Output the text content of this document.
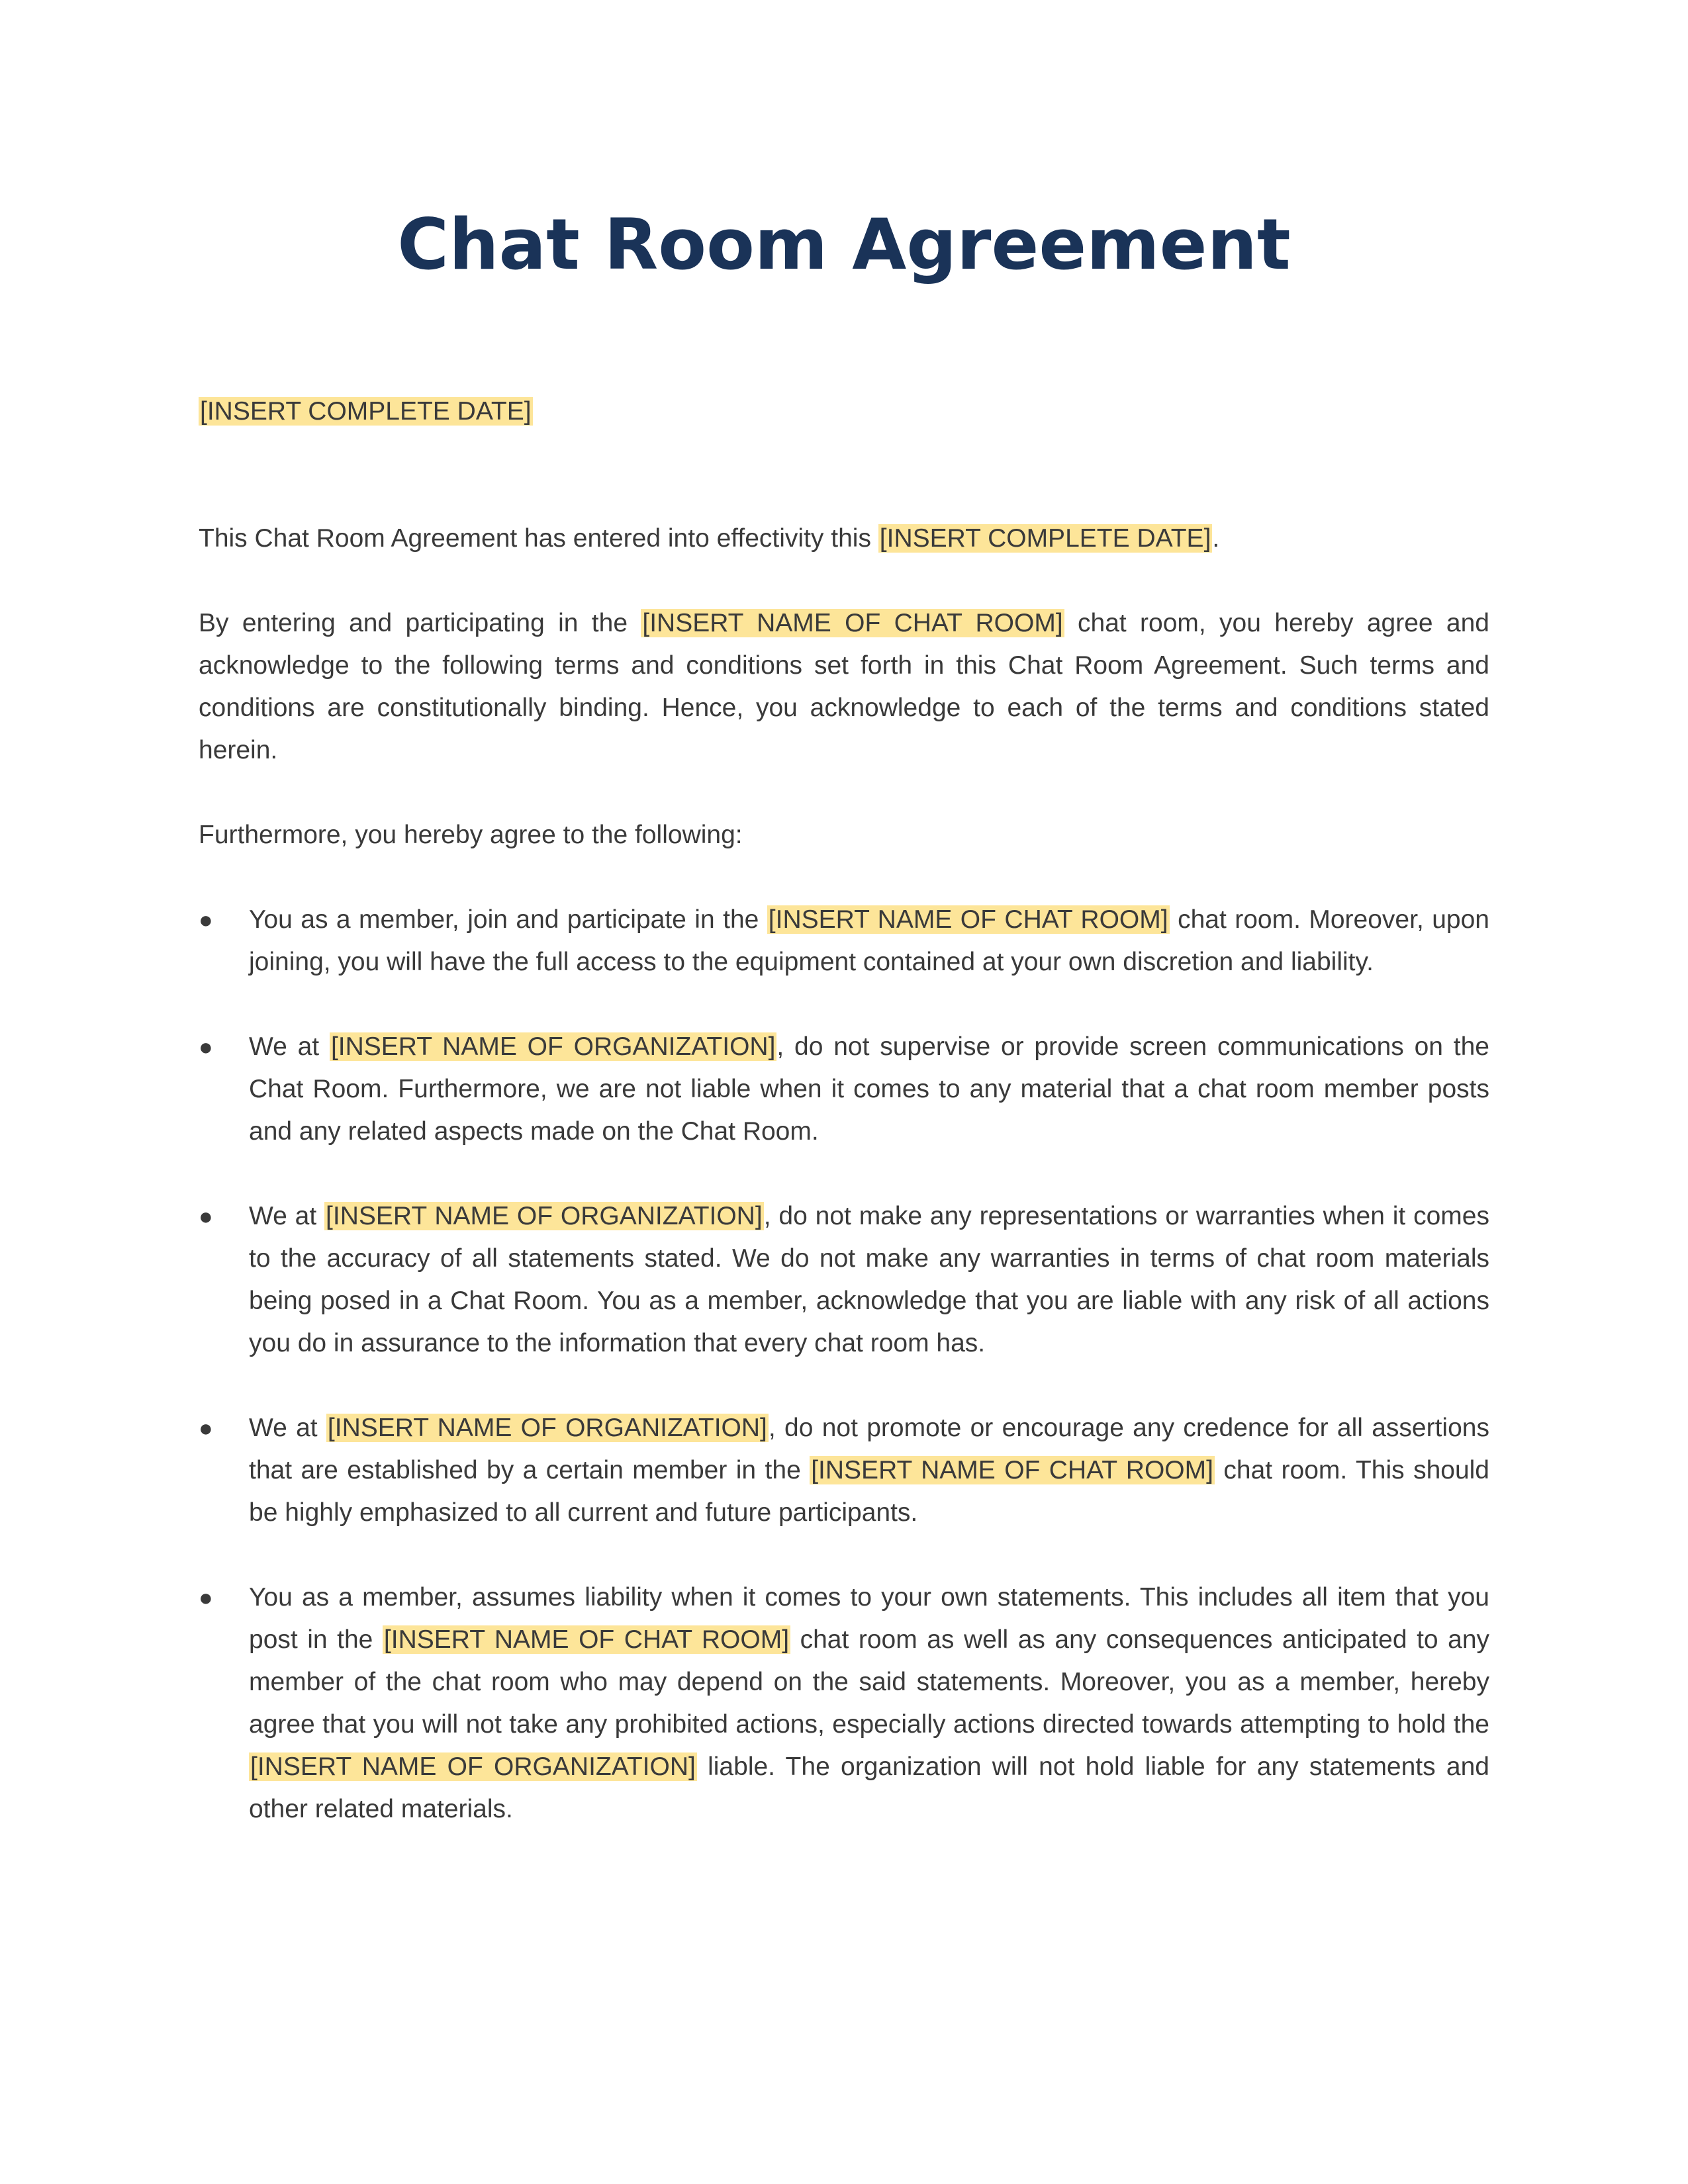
Chat Room Agreement
[INSERT COMPLETE DATE]

This Chat Room Agreement has entered into effectivity this [INSERT COMPLETE DATE].

By entering and participating in the [INSERT NAME OF CHAT ROOM] chat room, you hereby agree and acknowledge to the following terms and conditions set forth in this Chat Room Agreement. Such terms and conditions are constitutionally binding. Hence, you acknowledge to each of the terms and conditions stated herein.

Furthermore, you hereby agree to the following:

●	You as a member, join and participate in the [INSERT NAME OF CHAT ROOM] chat room. Moreover, upon joining, you will have the full access to the equipment contained at your own discretion and liability.
●	We at [INSERT NAME OF ORGANIZATION], do not supervise or provide screen communications on the Chat Room. Furthermore, we are not liable when it comes to any material that a chat room member posts and any related aspects made on the Chat Room.
●	We at [INSERT NAME OF ORGANIZATION], do not make any representations or warranties when it comes to the accuracy of all statements stated. We do not make any warranties in terms of chat room materials being posed in a Chat Room. You as a member, acknowledge that you are liable with any risk of all actions you do in assurance to the information that every chat room has.
●	We at [INSERT NAME OF ORGANIZATION], do not promote or encourage any credence for all assertions that are established by a certain member in the [INSERT NAME OF CHAT ROOM] chat room. This should be highly emphasized to all current and future participants.
●	You as a member, assumes liability when it comes to your own statements. This includes all item that you post in the [INSERT NAME OF CHAT ROOM] chat room as well as any consequences anticipated to any member of the chat room who may depend on the said statements. Moreover, you as a member, hereby agree that you will not take any prohibited actions, especially actions directed towards attempting to hold the [INSERT NAME OF ORGANIZATION] liable. The organization will not hold liable for any statements and other related materials.
